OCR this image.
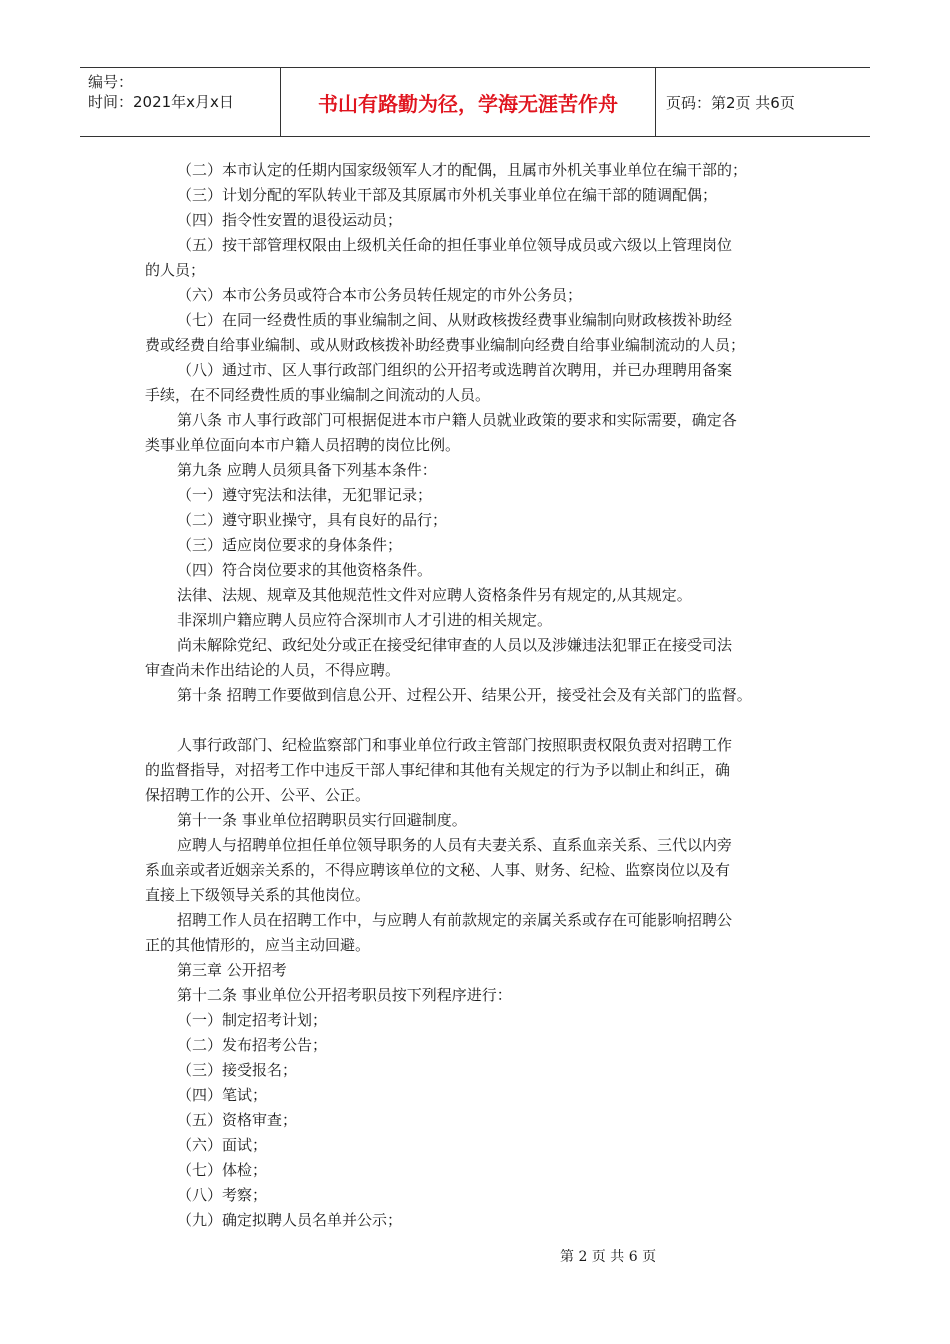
编号：
时间：2021年x月x日	书山有路勤为径，学海无涯苦作舟	页码：第2页 共6页

（二）本市认定的任期内国家级领军人才的配偶，且属市外机关事业单位在编干部的；

（三）计划分配的军队转业干部及其原属市外机关事业单位在编干部的随调配偶；

（四）指令性安置的退役运动员；

（五）按干部管理权限由上级机关任命的担任事业单位领导成员或六级以上管理岗位

的人员；

（六）本市公务员或符合本市公务员转任规定的市外公务员；

（七）在同一经费性质的事业编制之间、从财政核拨经费事业编制向财政核拨补助经

费或经费自给事业编制、或从财政核拨补助经费事业编制向经费自给事业编制流动的人员；

（八）通过市、区人事行政部门组织的公开招考或选聘首次聘用，并已办理聘用备案

手续，在不同经费性质的事业编制之间流动的人员。

第八条 市人事行政部门可根据促进本市户籍人员就业政策的要求和实际需要，确定各

类事业单位面向本市户籍人员招聘的岗位比例。

第九条 应聘人员须具备下列基本条件：

（一）遵守宪法和法律，无犯罪记录；

（二）遵守职业操守，具有良好的品行；

（三）适应岗位要求的身体条件；

（四）符合岗位要求的其他资格条件。

法律、法规、规章及其他规范性文件对应聘人资格条件另有规定的,从其规定。

非深圳户籍应聘人员应符合深圳市人才引进的相关规定。

尚未解除党纪、政纪处分或正在接受纪律审查的人员以及涉嫌违法犯罪正在接受司法

审查尚未作出结论的人员，不得应聘。

第十条 招聘工作要做到信息公开、过程公开、结果公开，接受社会及有关部门的监督。

人事行政部门、纪检监察部门和事业单位行政主管部门按照职责权限负责对招聘工作

的监督指导，对招考工作中违反干部人事纪律和其他有关规定的行为予以制止和纠正，确

保招聘工作的公开、公平、公正。

第十一条 事业单位招聘职员实行回避制度。

应聘人与招聘单位担任单位领导职务的人员有夫妻关系、直系血亲关系、三代以内旁

系血亲或者近姻亲关系的，不得应聘该单位的文秘、人事、财务、纪检、监察岗位以及有

直接上下级领导关系的其他岗位。

招聘工作人员在招聘工作中，与应聘人有前款规定的亲属关系或存在可能影响招聘公

正的其他情形的，应当主动回避。

第三章 公开招考

第十二条 事业单位公开招考职员按下列程序进行：

（一）制定招考计划；

（二）发布招考公告；

（三）接受报名；

（四）笔试；

（五）资格审查；

（六）面试；

（七）体检；

（八）考察；

（九）确定拟聘人员名单并公示；

第 2 页 共 6 页
